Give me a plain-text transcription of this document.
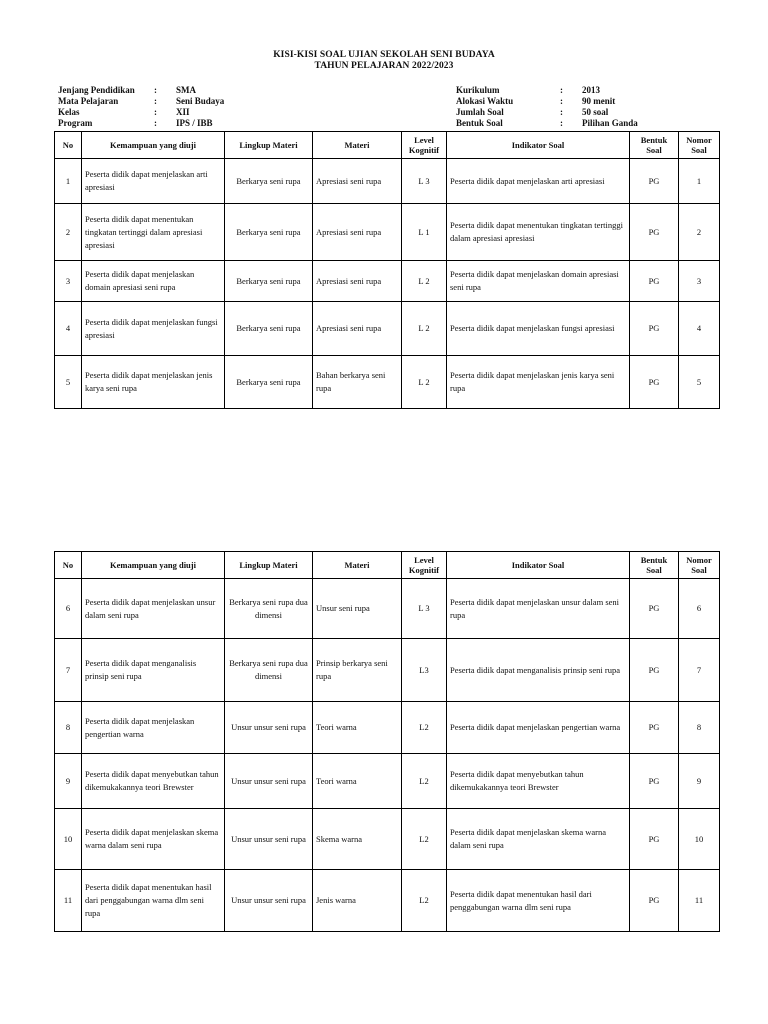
KISI-KISI SOAL UJIAN SEKOLAH SENI BUDAYA
TAHUN PELAJARAN 2022/2023
Jenjang Pendidikan	:	SMA
Mata Pelajaran	:	Seni Budaya
Kelas	:	XII
Program	:	IPS / IBB
Kurikulum	:	2013
Alokasi Waktu	:	90 menit
Jumlah Soal	:	50 soal
Bentuk Soal	:	Pilihan Ganda
No	Kemampuan yang diuji	Lingkup Materi	Materi	Level Kognitif	Indikator Soal	Bentuk Soal	Nomor Soal
1	Peserta didik dapat menjelaskan arti apresiasi	Berkarya seni rupa	Apresiasi seni rupa	L 3	Peserta didik dapat menjelaskan arti apresiasi	PG	1
2	Peserta didik dapat menentukan tingkatan tertinggi dalam apresiasi apresiasi	Berkarya seni rupa	Apresiasi seni rupa	L 1	Peserta didik dapat menentukan tingkatan tertinggi dalam apresiasi apresiasi	PG	2
3	Peserta didik dapat menjelaskan domain apresiasi seni rupa	Berkarya seni rupa	Apresiasi seni rupa	L 2	Peserta didik dapat menjelaskan domain apresiasi seni rupa	PG	3
4	Peserta didik dapat menjelaskan fungsi apresiasi	Berkarya seni rupa	Apresiasi seni rupa	L 2	Peserta didik dapat menjelaskan fungsi apresiasi	PG	4
5	Peserta didik dapat menjelaskan jenis karya seni rupa	Berkarya seni rupa	Bahan berkarya seni rupa	L 2	Peserta didik dapat menjelaskan jenis karya seni rupa	PG	5
No	Kemampuan yang diuji	Lingkup Materi	Materi	Level Kognitif	Indikator Soal	Bentuk Soal	Nomor Soal
6	Peserta didik dapat menjelaskan unsur dalam seni rupa	Berkarya seni rupa dua dimensi	Unsur seni rupa	L 3	Peserta didik dapat menjelaskan unsur dalam seni rupa	PG	6
7	Peserta didik dapat menganalisis prinsip seni rupa	Berkarya seni rupa dua dimensi	Prinsip berkarya seni rupa	L3	Peserta didik dapat menganalisis prinsip seni rupa	PG	7
8	Peserta didik dapat menjelaskan pengertian warna	Unsur unsur seni rupa	Teori warna	L2	Peserta didik dapat menjelaskan pengertian warna	PG	8
9	Peserta didik dapat menyebutkan tahun dikemukakannya teori Brewster	Unsur unsur seni rupa	Teori warna	L2	Peserta didik dapat menyebutkan tahun dikemukakannya teori Brewster	PG	9
10	Peserta didik dapat menjelaskan skema warna dalam seni rupa	Unsur unsur seni rupa	Skema warna	L2	Peserta didik dapat menjelaskan skema warna dalam seni rupa	PG	10
11	Peserta didik dapat menentukan hasil dari penggabungan warna dlm seni rupa	Unsur unsur seni rupa	Jenis warna	L2	Peserta didik dapat menentukan hasil dari penggabungan warna dlm seni rupa	PG	11
